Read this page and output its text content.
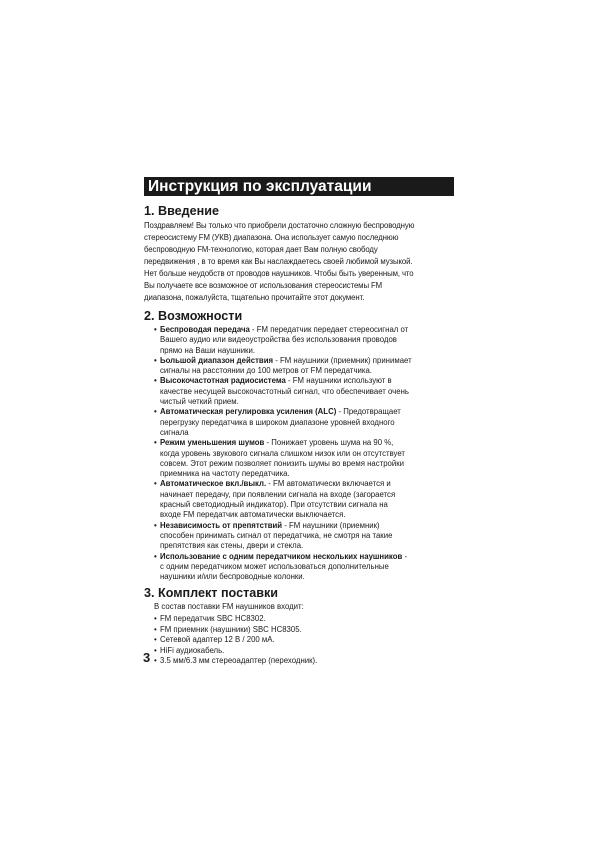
Инструкция по эксплуатации
1. Введение

Поздравляем! Вы только что приобрели достаточно сложную беспроводную
стереосистему FM (УКВ) диапазона. Она использует самую последнюю
беспроводную FM-технологию, которая дает Вам полную свободу
передвижения , в то время как Вы наслаждаетесь своей любимой музыкой.
Нет больше неудобств от проводов наушников. Чтобы быть уверенным, что
Вы получаете все возможное от использования стереосистемы FM
диапазона, пожалуйста, тщательно прочитайте этот документ.

2. Возможности
• Беспроводая передача - FM передатчик передает стереосигнал от
Вашего аудио или видеоустройства без использования проводов
прямо на Ваши наушники.
• Ьольшой диапазон действия - FM наушники (приемник) принимает
сигналы на расстоянии до 100 метров от FM передатчика.
• Высокочастотная радиосистема - FM наушники используют в
качестве несущей высокочастотный сигнал, что обеспечивает очень
чистый четкий прием.
• Автоматическая регулировка усиления (ALC) - Предотвращает
перегрузку передатчика в широком диапазоне уровней входного
сигнала
• Режим уменьшения шумов - Понижает уровень шума на 90 %,
когда уровень звукового сигнала слишком низок или он отсутствует
совсем. Этот режим позволяет понизить шумы во время настройки
приемника на частоту передатчика.
• Автоматическое вкл./выкл. - FM автоматически включается и
начинает передачу, при появлении сигнала на входе (загорается
красный светодиодный индикатор). При отсутствии сигнала на
входе FM передатчик автоматически выключается.
• Независимость от препятствий - FM наушники (приемник)
способен принимать сигнал от передатчика, не смотря на такие
препятствия как стены, двери и стекла.
• Использование с одним передатчиком нескольких наушников -
с одним передатчиком может использоваться дополнительные
наушники и/или беспроводные колонки.
3. Комплект поставки
В состав поставки FM наушников входит:
• FM передатчик SBC HC8302.
• FM приемник (наушники) SBC HC8305.
• Сетевой адаптер 12 В / 200 мА.
• HiFi аудиокабель.
• 3.5 мм/6.3 мм стереоадаптер (переходник).
3
